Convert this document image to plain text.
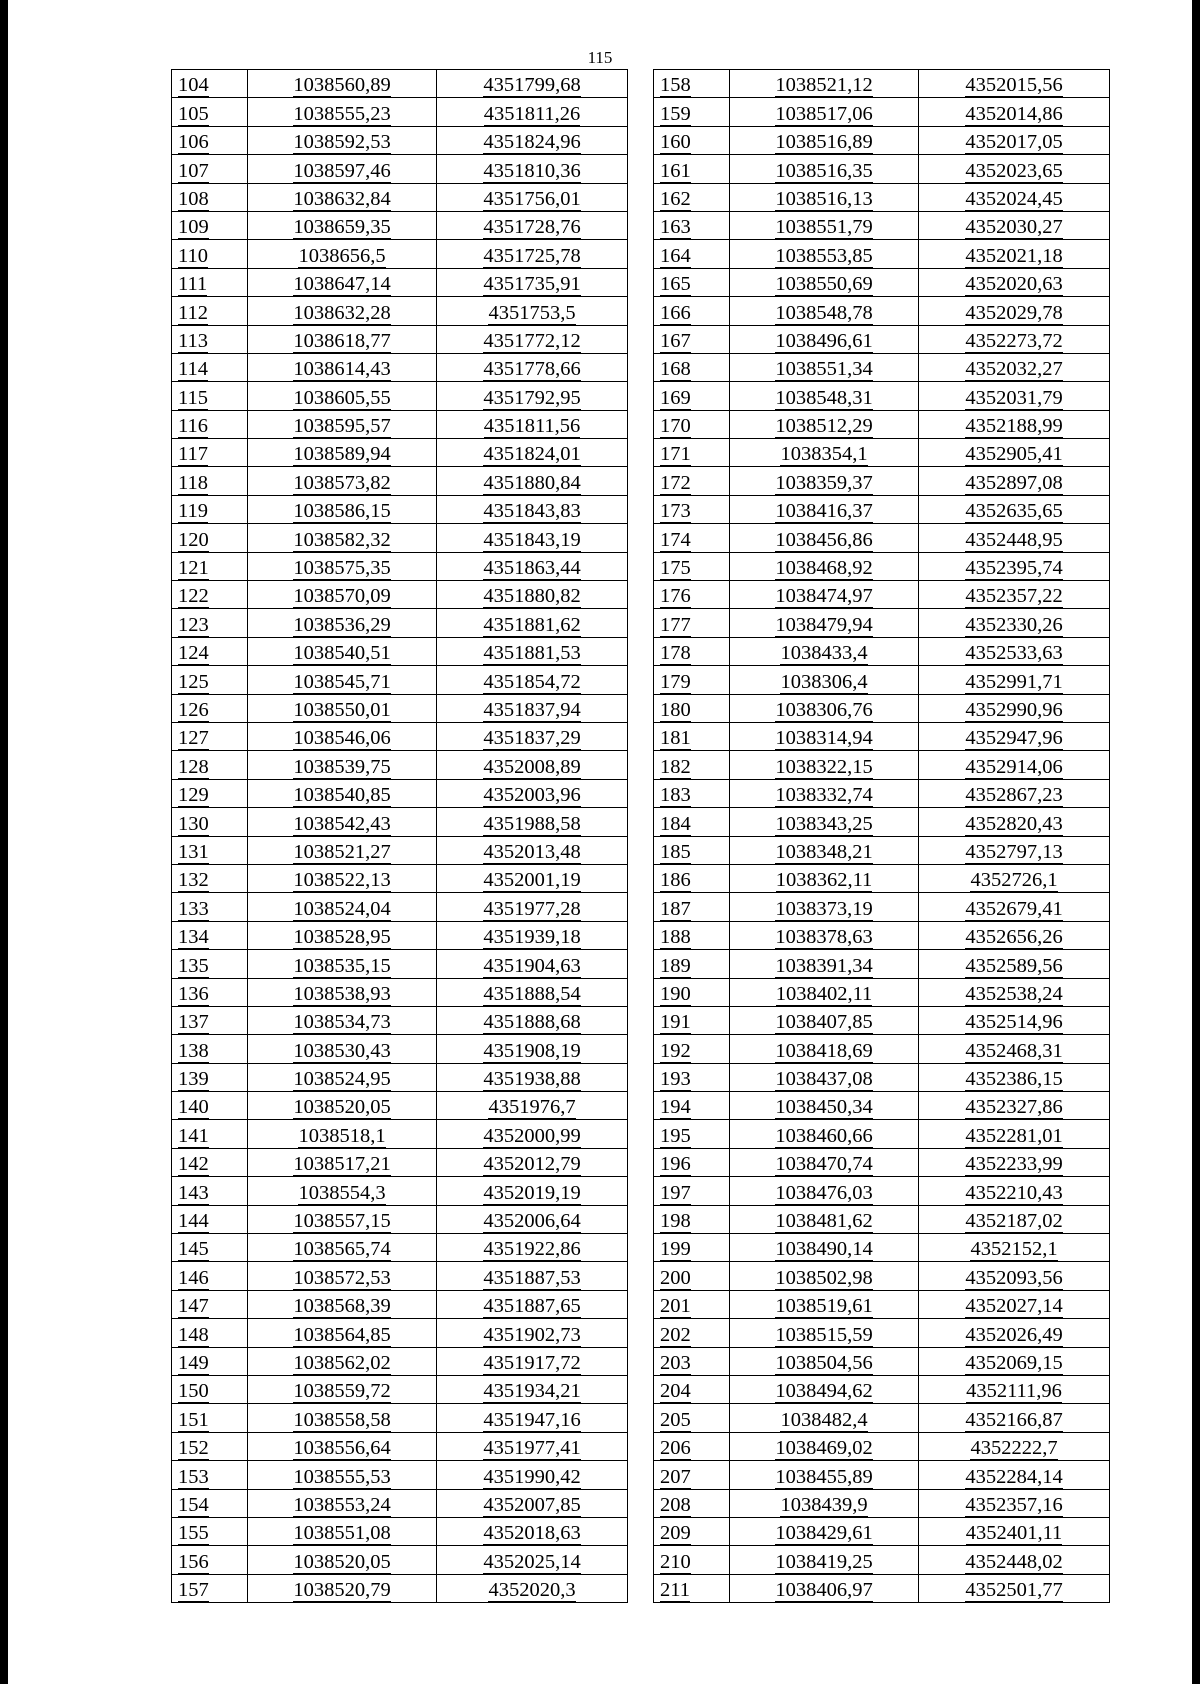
115
104	1038560,89	4351799,68
105	1038555,23	4351811,26
106	1038592,53	4351824,96
107	1038597,46	4351810,36
108	1038632,84	4351756,01
109	1038659,35	4351728,76
110	1038656,5	4351725,78
111	1038647,14	4351735,91
112	1038632,28	4351753,5
113	1038618,77	4351772,12
114	1038614,43	4351778,66
115	1038605,55	4351792,95
116	1038595,57	4351811,56
117	1038589,94	4351824,01
118	1038573,82	4351880,84
119	1038586,15	4351843,83
120	1038582,32	4351843,19
121	1038575,35	4351863,44
122	1038570,09	4351880,82
123	1038536,29	4351881,62
124	1038540,51	4351881,53
125	1038545,71	4351854,72
126	1038550,01	4351837,94
127	1038546,06	4351837,29
128	1038539,75	4352008,89
129	1038540,85	4352003,96
130	1038542,43	4351988,58
131	1038521,27	4352013,48
132	1038522,13	4352001,19
133	1038524,04	4351977,28
134	1038528,95	4351939,18
135	1038535,15	4351904,63
136	1038538,93	4351888,54
137	1038534,73	4351888,68
138	1038530,43	4351908,19
139	1038524,95	4351938,88
140	1038520,05	4351976,7
141	1038518,1	4352000,99
142	1038517,21	4352012,79
143	1038554,3	4352019,19
144	1038557,15	4352006,64
145	1038565,74	4351922,86
146	1038572,53	4351887,53
147	1038568,39	4351887,65
148	1038564,85	4351902,73
149	1038562,02	4351917,72
150	1038559,72	4351934,21
151	1038558,58	4351947,16
152	1038556,64	4351977,41
153	1038555,53	4351990,42
154	1038553,24	4352007,85
155	1038551,08	4352018,63
156	1038520,05	4352025,14
157	1038520,79	4352020,3
158	1038521,12	4352015,56
159	1038517,06	4352014,86
160	1038516,89	4352017,05
161	1038516,35	4352023,65
162	1038516,13	4352024,45
163	1038551,79	4352030,27
164	1038553,85	4352021,18
165	1038550,69	4352020,63
166	1038548,78	4352029,78
167	1038496,61	4352273,72
168	1038551,34	4352032,27
169	1038548,31	4352031,79
170	1038512,29	4352188,99
171	1038354,1	4352905,41
172	1038359,37	4352897,08
173	1038416,37	4352635,65
174	1038456,86	4352448,95
175	1038468,92	4352395,74
176	1038474,97	4352357,22
177	1038479,94	4352330,26
178	1038433,4	4352533,63
179	1038306,4	4352991,71
180	1038306,76	4352990,96
181	1038314,94	4352947,96
182	1038322,15	4352914,06
183	1038332,74	4352867,23
184	1038343,25	4352820,43
185	1038348,21	4352797,13
186	1038362,11	4352726,1
187	1038373,19	4352679,41
188	1038378,63	4352656,26
189	1038391,34	4352589,56
190	1038402,11	4352538,24
191	1038407,85	4352514,96
192	1038418,69	4352468,31
193	1038437,08	4352386,15
194	1038450,34	4352327,86
195	1038460,66	4352281,01
196	1038470,74	4352233,99
197	1038476,03	4352210,43
198	1038481,62	4352187,02
199	1038490,14	4352152,1
200	1038502,98	4352093,56
201	1038519,61	4352027,14
202	1038515,59	4352026,49
203	1038504,56	4352069,15
204	1038494,62	4352111,96
205	1038482,4	4352166,87
206	1038469,02	4352222,7
207	1038455,89	4352284,14
208	1038439,9	4352357,16
209	1038429,61	4352401,11
210	1038419,25	4352448,02
211	1038406,97	4352501,77
